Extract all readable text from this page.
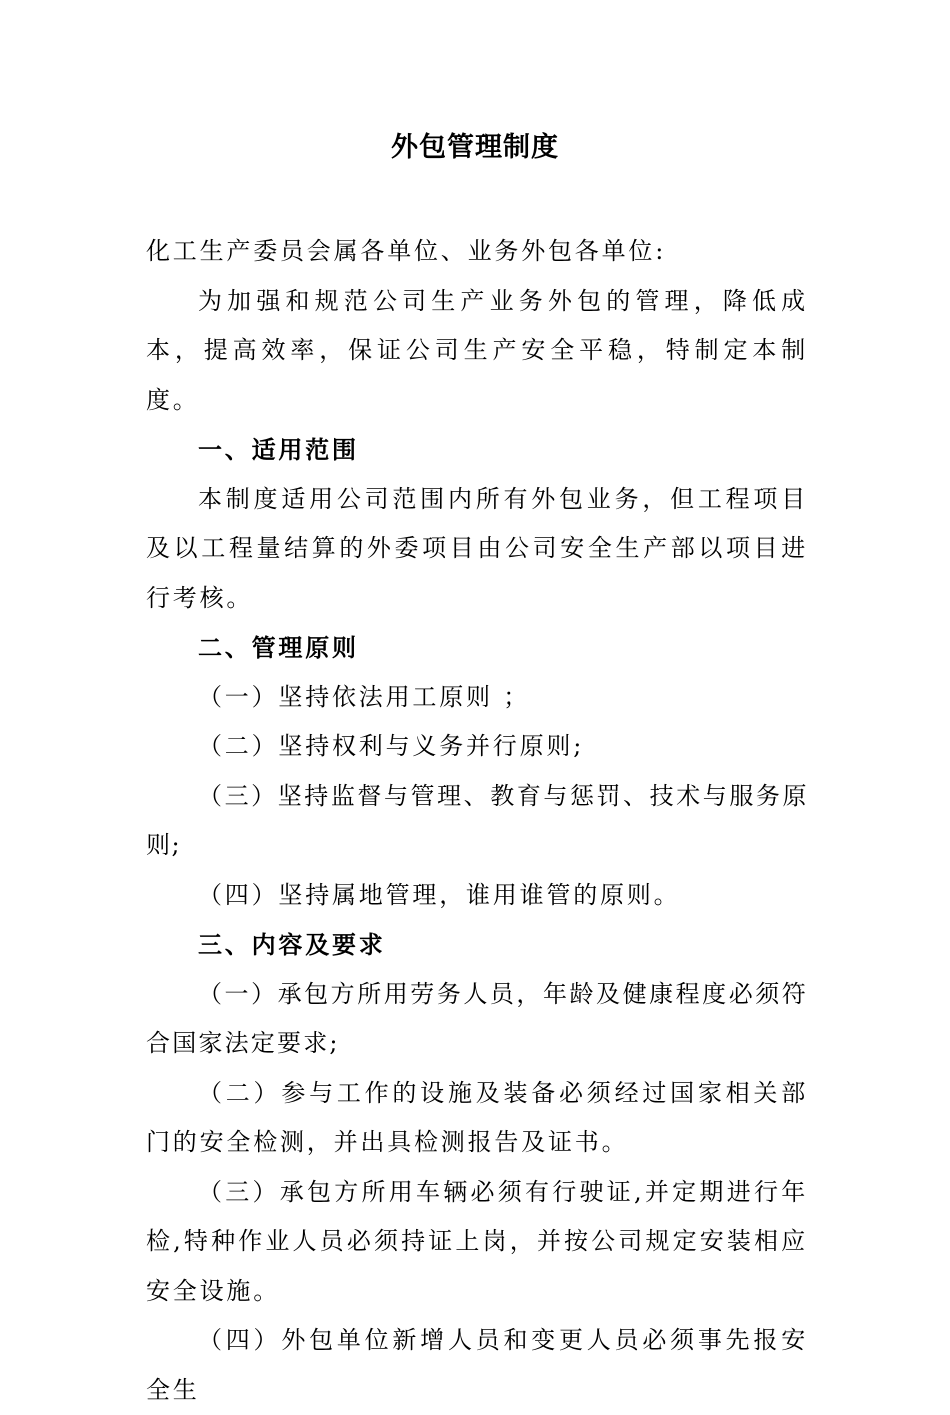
外包管理制度

化工生产委员会属各单位、业务外包各单位:

为加强和规范公司生产业务外包的管理，降低成本，提高效率，保证公司生产安全平稳，特制定本制度。

一、适用范围

本制度适用公司范围内所有外包业务，但工程项目及以工程量结算的外委项目由公司安全生产部以项目进行考核。

二、管理原则

（一）坚持依法用工原则 ；

（二）坚持权利与义务并行原则;

（三）坚持监督与管理、教育与惩罚、技术与服务原则;

（四）坚持属地管理，谁用谁管的原则。

三、内容及要求

（一）承包方所用劳务人员，年龄及健康程度必须符合国家法定要求;

（二）参与工作的设施及装备必须经过国家相关部门的安全检测，并出具检测报告及证书。

（三）承包方所用车辆必须有行驶证,并定期进行年检,特种作业人员必须持证上岗，并按公司规定安装相应安全设施。

（四）外包单位新增人员和变更人员必须事先报安全生
